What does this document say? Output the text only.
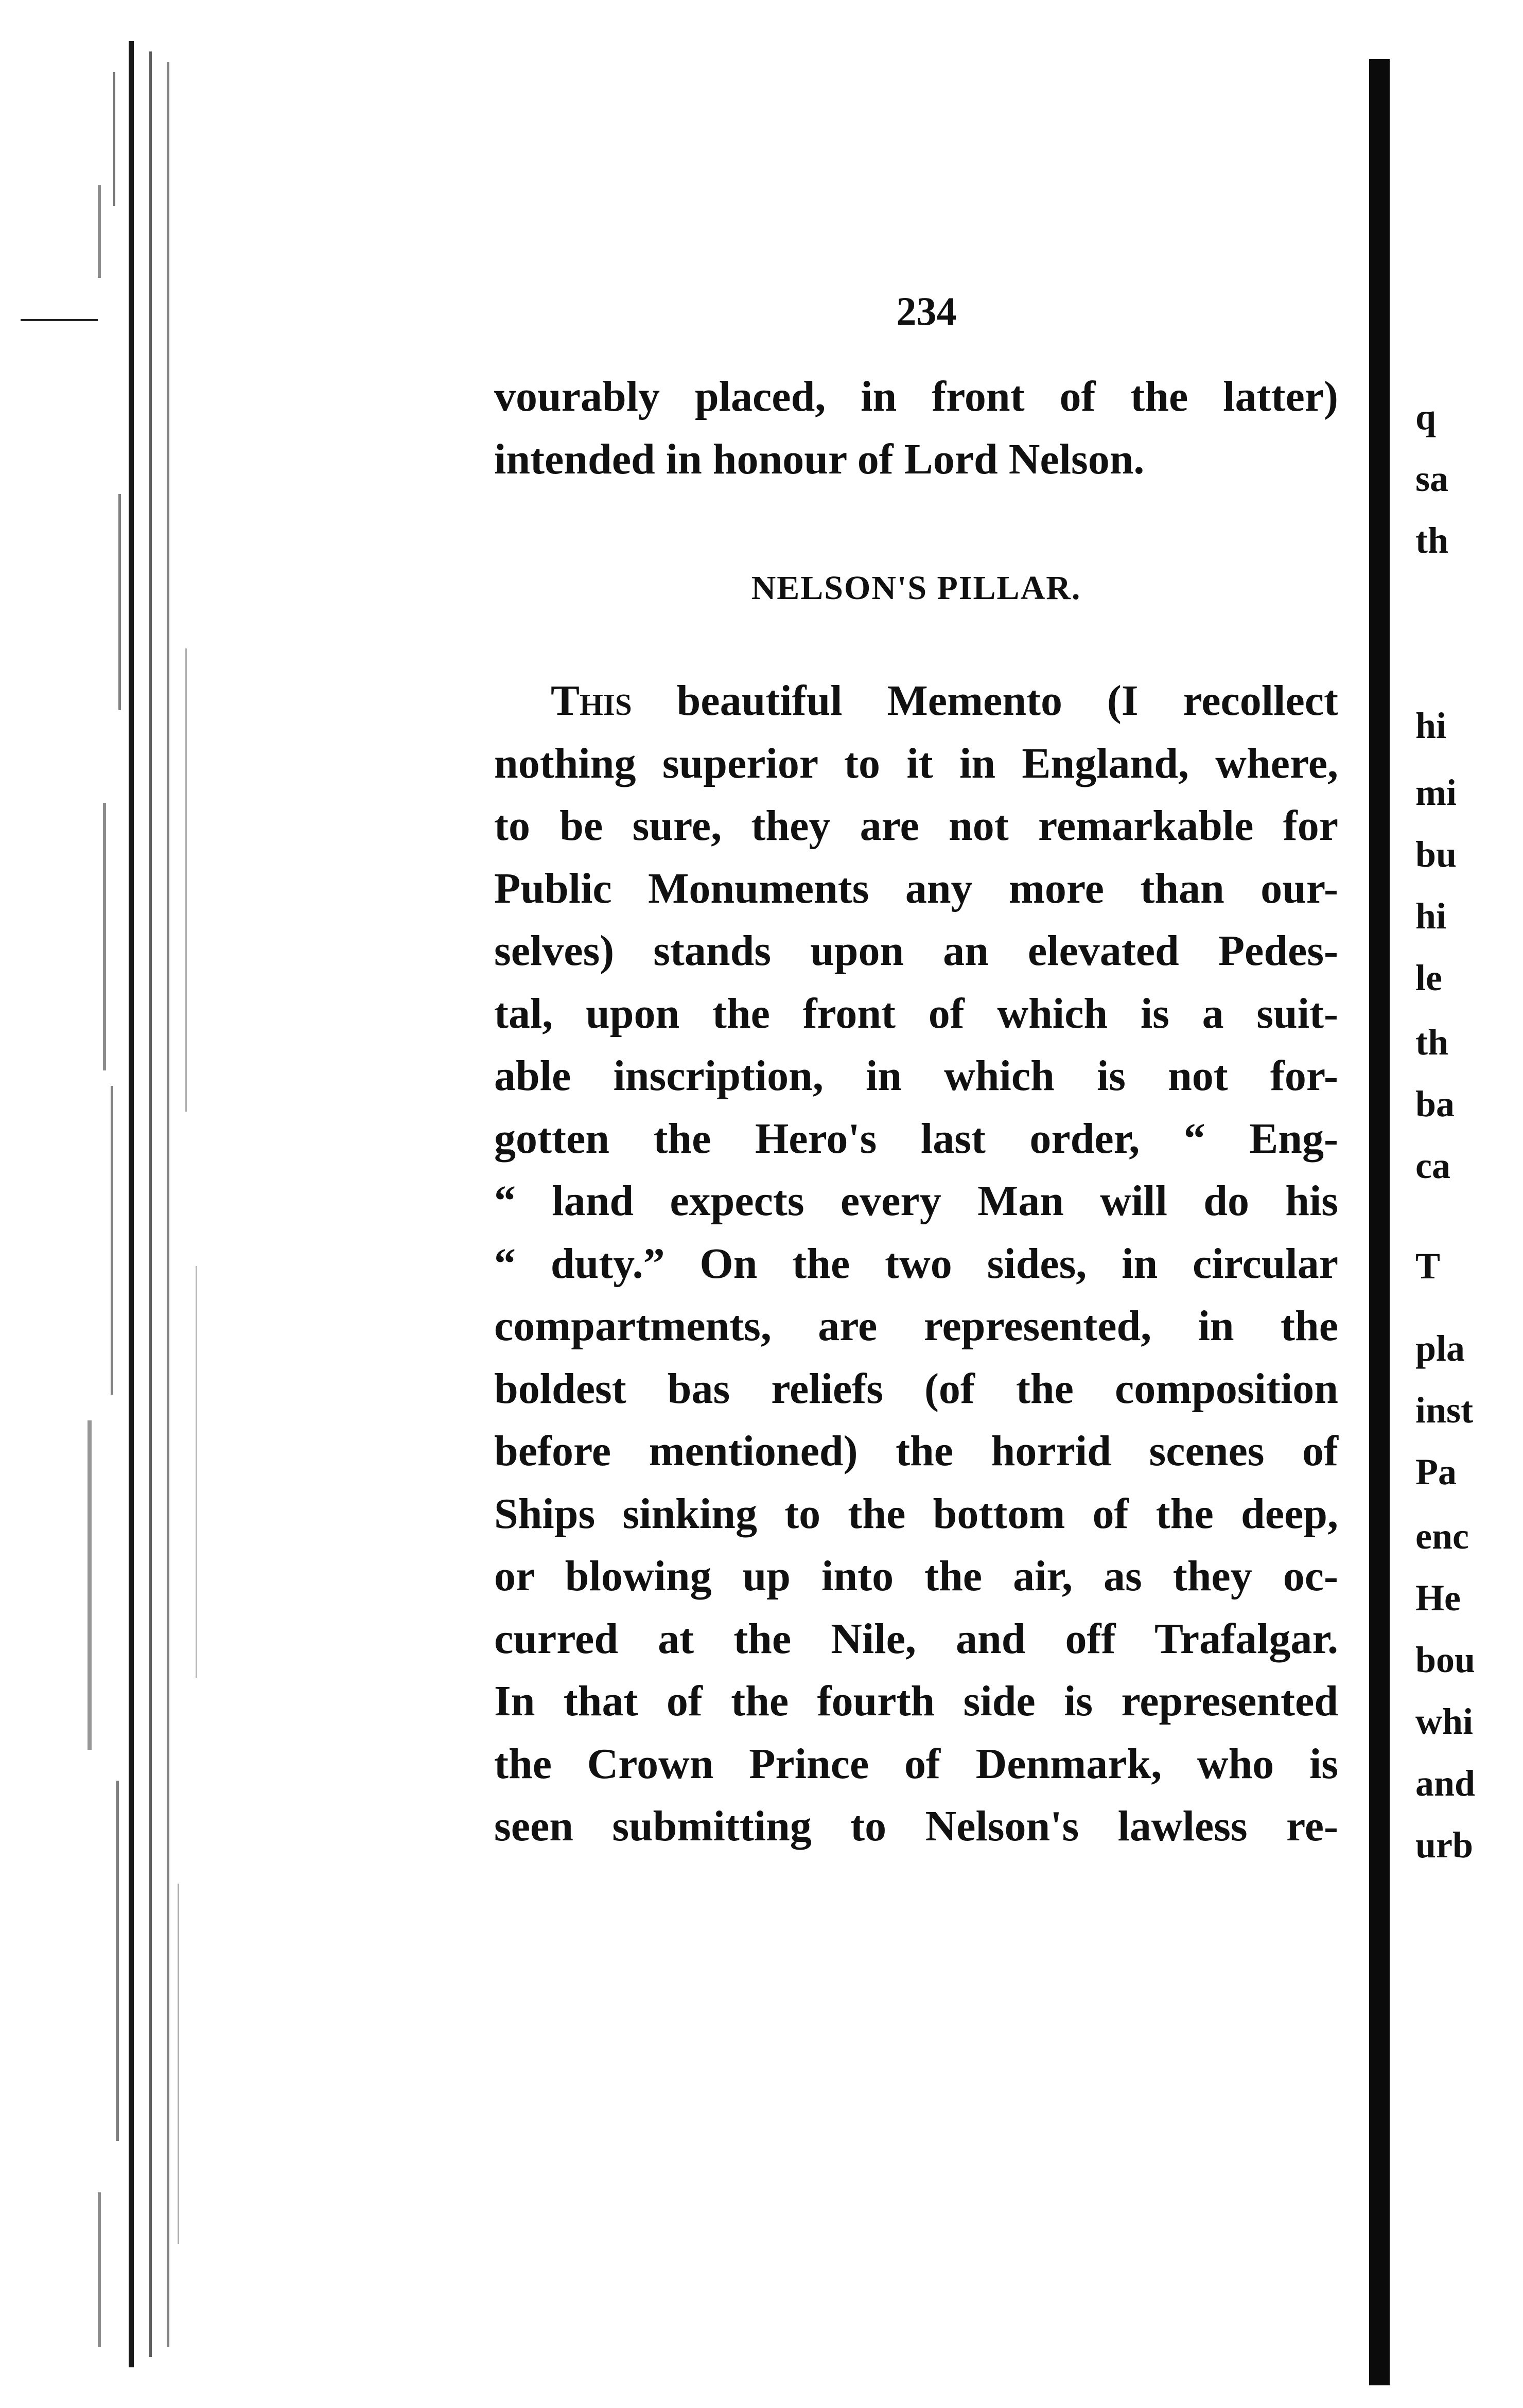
234
vourably placed, in front of the latter)
intended in honour of Lord Nelson.
NELSON'S PILLAR.
This beautiful Memento (I recollect
nothing superior to it in England, where,
to be sure, they are not remarkable for
Public Monuments any more than our-
selves) stands upon an elevated Pedes-
tal, upon the front of which is a suit-
able inscription, in which is not for-
gotten the Hero's last order, “ Eng-
“ land expects every Man will do his
“ duty.” On the two sides, in circular
compartments, are represented, in the
boldest bas reliefs (of the composition
before mentioned) the horrid scenes of
Ships sinking to the bottom of the deep,
or blowing up into the air, as they oc-
curred at the Nile, and off Trafalgar.
In that of the fourth side is represented
the Crown Prince of Denmark, who is
seen submitting to Nelson's lawless re-
q
sa
th
hi
mi
bu
hi
le
th
ba
ca
T
pla
inst
Pa
enc
He
bou
whi
and
urb
